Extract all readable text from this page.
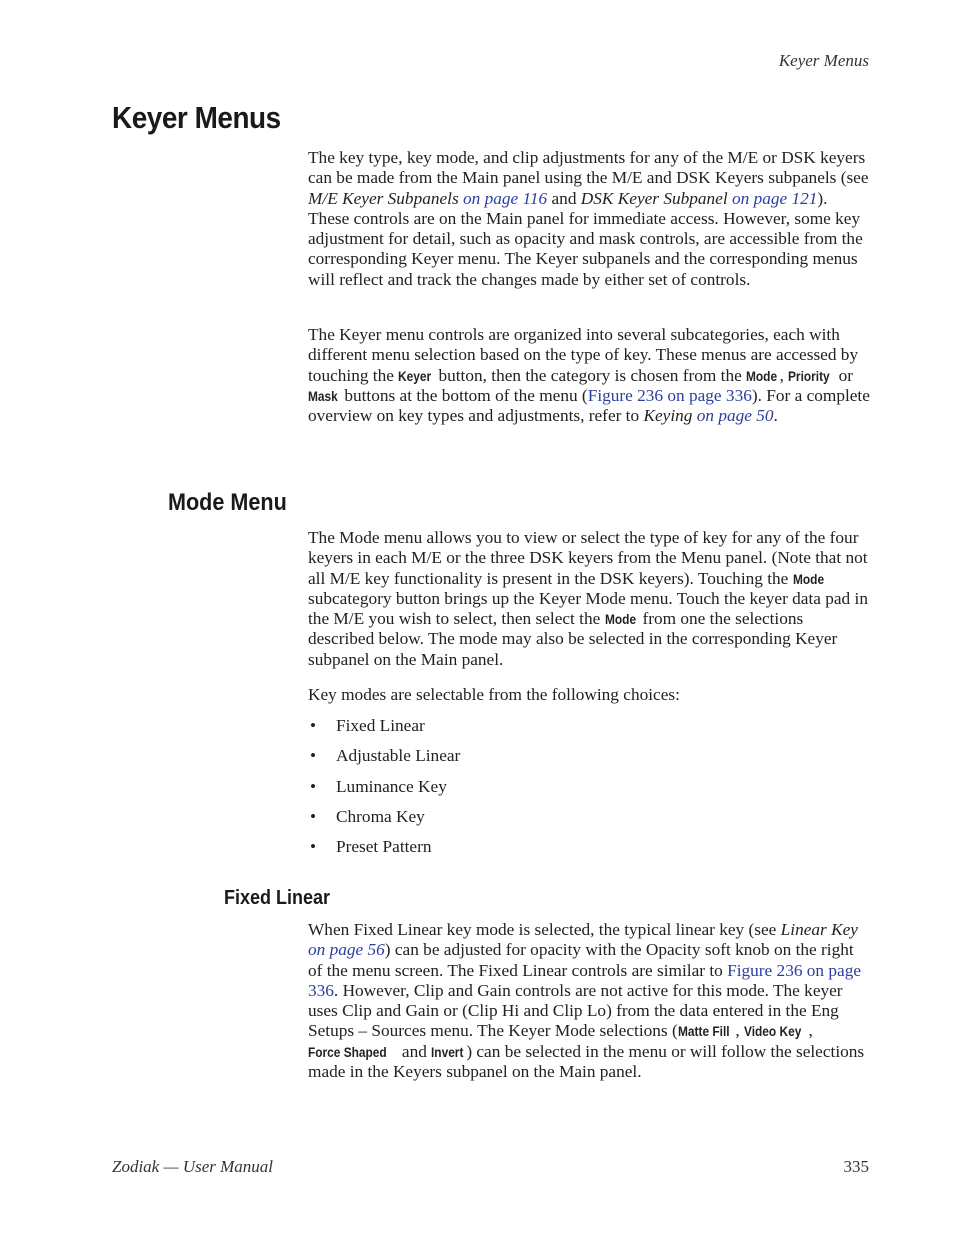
Keyer Menus
Keyer Menus

The key type, key mode, and clip adjustments for any of the M/E or DSK keyers can be made from the Main panel using the M/E and DSK Keyers subpanels (see M/E Keyer Subpanels on page 116 and DSK Keyer Subpanel on page 121). These controls are on the Main panel for immediate access. However, some key adjustment for detail, such as opacity and mask controls, are accessible from the corresponding Keyer menu. The Keyer subpanels and the corresponding menus will reflect and track the changes made by either set of controls.

The Keyer menu controls are organized into several subcategories, each with different menu selection based on the type of key. These menus are accessed by touching the Keyer button, then the category is chosen from the Mode , Priority or Mask buttons at the bottom of the menu (Figure 236 on page 336). For a complete overview on key types and adjustments, refer to Keying on page 50.

Mode Menu

The Mode menu allows you to view or select the type of key for any of the four keyers in each M/E or the three DSK keyers from the Menu panel. (Note that not all M/E key functionality is present in the DSK keyers). Touching the Mode subcategory button brings up the Keyer Mode menu. Touch the keyer data pad in the M/E you wish to select, then select the Mode from one the selections described below. The mode may also be selected in the corresponding Keyer subpanel on the Main panel.

Key modes are selectable from the following choices:

• Fixed Linear
• Adjustable Linear
• Luminance Key
• Chroma Key
• Preset Pattern
Fixed Linear

When Fixed Linear key mode is selected, the typical linear key (see Linear Key on page 56) can be adjusted for opacity with the Opacity soft knob on the right of the menu screen. The Fixed Linear controls are similar to Figure 236 on page 336. However, Clip and Gain controls are not active for this mode. The keyer uses Clip and Gain or (Clip Hi and Clip Lo) from the data entered in the Eng Setups – Sources menu. The Keyer Mode selections (Matte Fill , Video Key , Force Shaped and Invert ) can be selected in the menu or will follow the selections made in the Keyers subpanel on the Main panel.

Zodiak — User Manual	335
